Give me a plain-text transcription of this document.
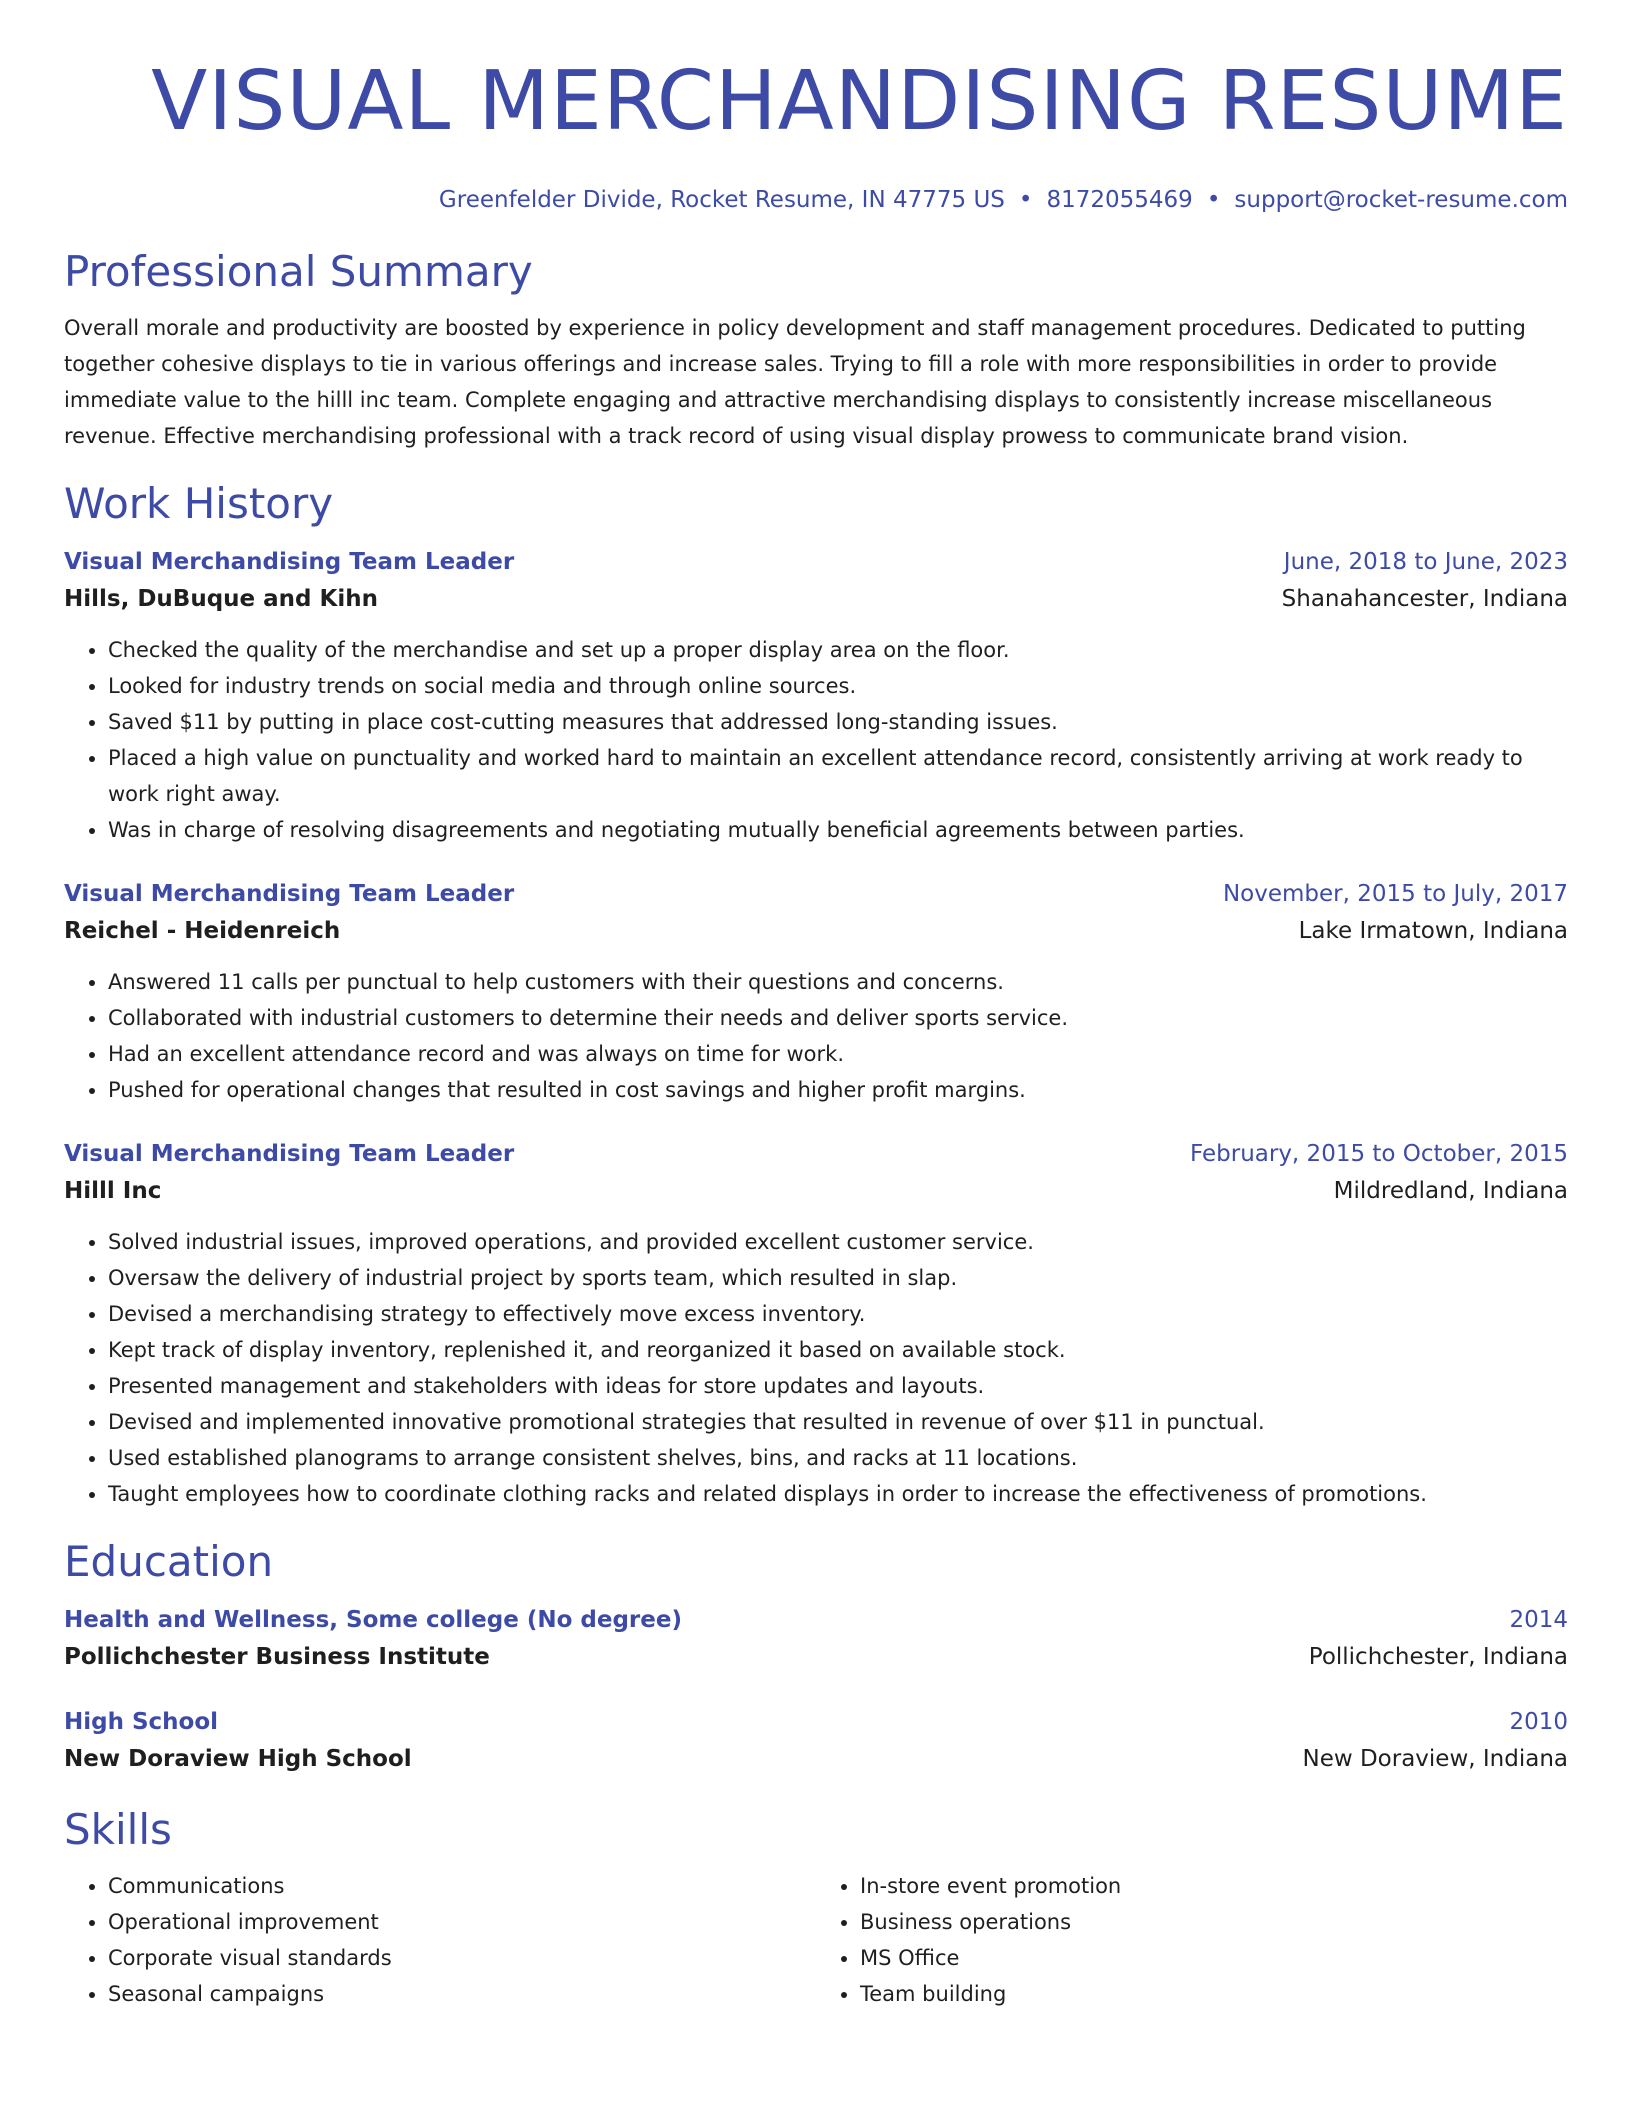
VISUAL MERCHANDISING RESUME
Greenfelder Divide, Rocket Resume, IN 47775 US • 8172055469 • support@rocket-resume.com
Professional Summary
Overall morale and productivity are boosted by experience in policy development and staff management procedures. Dedicated to putting together cohesive displays to tie in various offerings and increase sales. Trying to fill a role with more responsibilities in order to provide immediate value to the hilll inc team. Complete engaging and attractive merchandising displays to consistently increase miscellaneous revenue. Effective merchandising professional with a track record of using visual display prowess to communicate brand vision.
Work History
Visual Merchandising Team Leader	June, 2018 to June, 2023
Hills, DuBuque and Kihn	Shanahancester, Indiana
• Checked the quality of the merchandise and set up a proper display area on the floor.
• Looked for industry trends on social media and through online sources.
• Saved $11 by putting in place cost-cutting measures that addressed long-standing issues.
• Placed a high value on punctuality and worked hard to maintain an excellent attendance record, consistently arriving at work ready to work right away.
• Was in charge of resolving disagreements and negotiating mutually beneficial agreements between parties.
Visual Merchandising Team Leader	November, 2015 to July, 2017
Reichel - Heidenreich	Lake Irmatown, Indiana
• Answered 11 calls per punctual to help customers with their questions and concerns.
• Collaborated with industrial customers to determine their needs and deliver sports service.
• Had an excellent attendance record and was always on time for work.
• Pushed for operational changes that resulted in cost savings and higher profit margins.
Visual Merchandising Team Leader	February, 2015 to October, 2015
Hilll Inc	Mildredland, Indiana
• Solved industrial issues, improved operations, and provided excellent customer service.
• Oversaw the delivery of industrial project by sports team, which resulted in slap.
• Devised a merchandising strategy to effectively move excess inventory.
• Kept track of display inventory, replenished it, and reorganized it based on available stock.
• Presented management and stakeholders with ideas for store updates and layouts.
• Devised and implemented innovative promotional strategies that resulted in revenue of over $11 in punctual.
• Used established planograms to arrange consistent shelves, bins, and racks at 11 locations.
• Taught employees how to coordinate clothing racks and related displays in order to increase the effectiveness of promotions.
Education
Health and Wellness, Some college (No degree)	2014
Pollichchester Business Institute	Pollichchester, Indiana
High School	2010
New Doraview High School	New Doraview, Indiana
Skills
• Communications
• Operational improvement
• Corporate visual standards
• Seasonal campaigns
• In-store event promotion
• Business operations
• MS Office
• Team building
